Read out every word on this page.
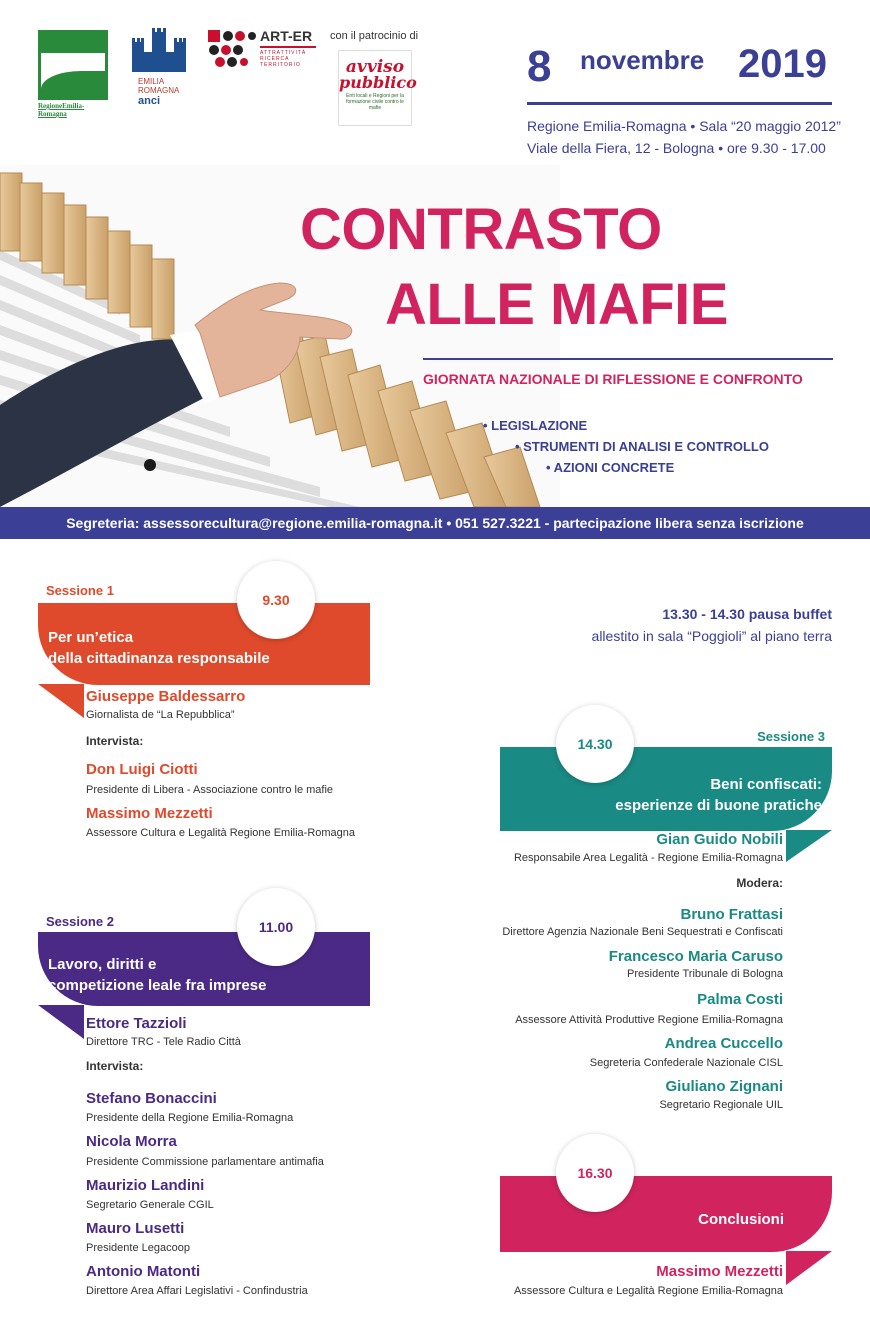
RegioneEmilia-Romagna
EMILIA
ROMAGNA
anci
ART-ER
ATTRATTIVITÀ RICERCA TERRITORIO
con il patrocinio di
avviso
pubblico
Enti locali e Regioni per la formazione civile contro le mafie
8 novembre 2019
Regione Emilia-Romagna • Sala “20 maggio 2012”
Viale della Fiera, 12 - Bologna • ore 9.30 - 17.00
CONTRASTO
ALLE MAFIE
GIORNATA NAZIONALE DI RIFLESSIONE E CONFRONTO
• LEGISLAZIONE
• STRUMENTI DI ANALISI E CONTROLLO
• AZIONI CONCRETE
Segreteria: assessorecultura@regione.emilia-romagna.it • 051 527.3221 - partecipazione libera senza iscrizione
Sessione 1
Per un’etica
della cittadinanza responsabile
9.30
Giuseppe Baldessarro
Giornalista de “La Repubblica”
Intervista:
Don Luigi Ciotti
Presidente di Libera - Associazione contro le mafie
Massimo Mezzetti
Assessore Cultura e Legalità Regione Emilia-Romagna
Sessione 2
Lavoro, diritti e
competizione leale fra imprese
11.00
Ettore Tazzioli
Direttore TRC - Tele Radio Città
Intervista:
Stefano Bonaccini
Presidente della Regione Emilia-Romagna
Nicola Morra
Presidente Commissione parlamentare antimafia
Maurizio Landini
Segretario Generale CGIL
Mauro Lusetti
Presidente Legacoop
Antonio Matonti
Direttore Area Affari Legislativi - Confindustria
13.30 - 14.30 pausa buffet
allestito in sala “Poggioli” al piano terra
Sessione 3
Beni confiscati:
esperienze di buone pratiche
14.30
Gian Guido Nobili
Responsabile Area Legalità - Regione Emilia-Romagna
Modera:
Bruno Frattasi
Direttore Agenzia Nazionale Beni Sequestrati e Confiscati
Francesco Maria Caruso
Presidente Tribunale di Bologna
Palma Costi
Assessore Attività Produttive Regione Emilia-Romagna
Andrea Cuccello
Segreteria Confederale Nazionale CISL
Giuliano Zignani
Segretario Regionale UIL
Conclusioni
16.30
Massimo Mezzetti
Assessore Cultura e Legalità Regione Emilia-Romagna
